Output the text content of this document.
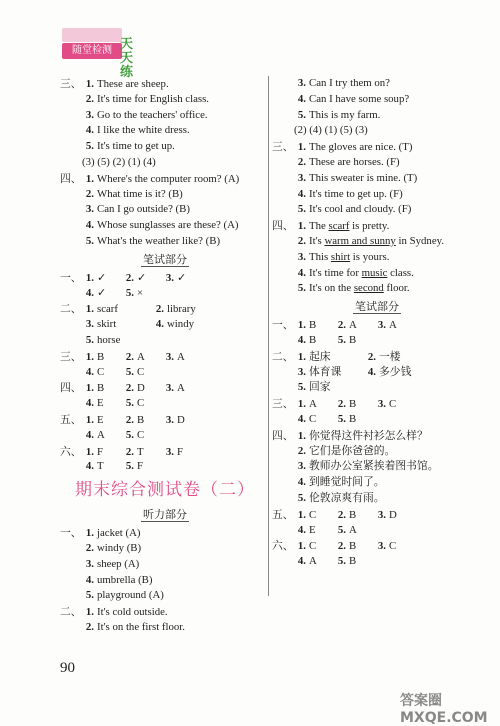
随堂检测 天天练
三、 1. These are sheep.
2. It's time for English class.
3. Go to the teachers' office.
4. I like the white dress.
5. It's time to get up.
(3) (5) (2) (1) (4)
四、 1. Where's the computer room? (A)
2. What time is it? (B)
3. Can I go outside? (B)
4. Whose sunglasses are these? (A)
5. What's the weather like? (B)
笔试部分
一、 1. ✓ 2. ✓ 3. ✓
4. ✓ 5. ×
二、 1. scarf	2. library
3. skirt	4. windy
5. horse
三、 1. B 2. A 3. A
4. C 5. C
四、 1. B 2. D 3. A
4. E 5. C
五、 1. E 2. B 3. D
4. A 5. C
六、 1. F 2. T 3. F
4. T 5. F
期末综合测试卷（二）
听力部分
一、 1. jacket (A)
2. windy (B)
3. sheep (A)
4. umbrella (B)
5. playground (A)
二、 1. It's cold outside.
2. It's on the first floor.
3. Can I try them on?
4. Can I have some soup?
5. This is my farm.
(2) (4) (1) (5) (3)
三、 1. The gloves are nice. (T)
2. These are horses. (F)
3. This sweater is mine. (T)
4. It's time to get up. (F)
5. It's cool and cloudy. (F)
四、 1. The scarf is pretty.
2. It's warm and sunny in Sydney.
3. This shirt is yours.
4. It's time for music class.
5. It's on the second floor.
笔试部分
一、 1. B 2. A 3. A
4. B 5. B
二、 1. 起床	2. 一楼
3. 体育课 4. 多少钱
5. 回家
三、 1. A 2. B 3. C
4. C 5. B
四、 1. 你觉得这件衬衫怎么样？
2. 它们是你爸爸的。
3. 教师办公室紧挨着图书馆。
4. 到睡觉时间了。
5. 伦敦凉爽有雨。
五、 1. C 2. B 3. D
4. E 5. A
六、 1. C 2. B 3. C
4. A 5. B
90
答案圈 MXQE.COM
